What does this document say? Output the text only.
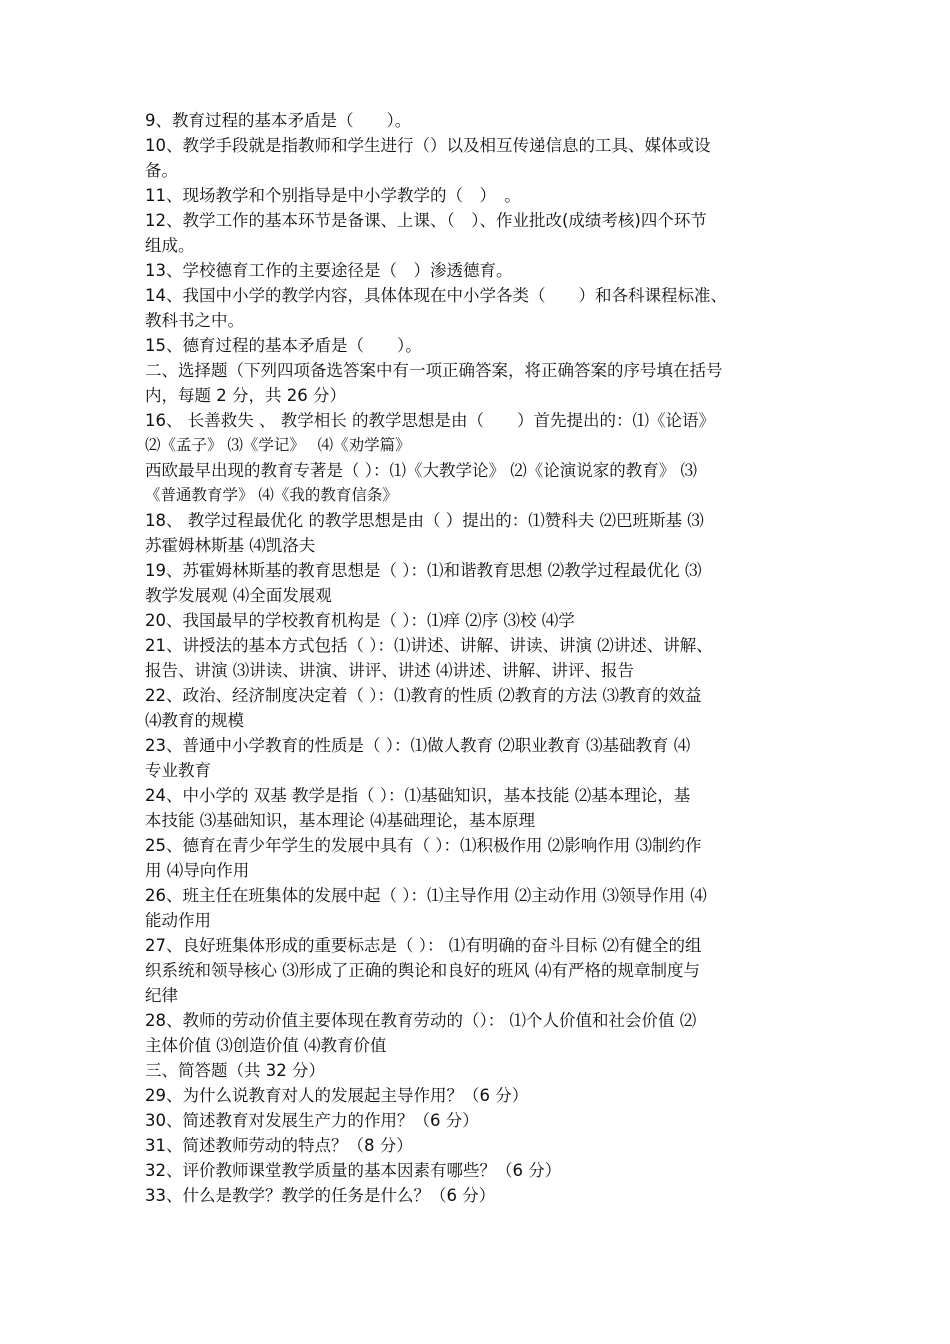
9、教育过程的基本矛盾是（　　）。
10、教学手段就是指教师和学生进行（）以及相互传递信息的工具、媒体或设
备。
11、现场教学和个别指导是中小学教学的（　）　。
12、教学工作的基本环节是备课、上课、（　）、作业批改(成绩考核)四个环节
组成。
13、学校德育工作的主要途径是（　）渗透德育。
14、我国中小学的教学内容，具体体现在中小学各类（　　）和各科课程标准、
教科书之中。
15、德育过程的基本矛盾是（　　）。
二、选择题（下列四项备选答案中有一项正确答案，将正确答案的序号填在括号
内，每题 2 分，共 26 分）
16、 长善救失 、 教学相长 的教学思想是由（　　）首先提出的：⑴《论语》
⑵《孟子》 ⑶《学记》　 ⑷《劝学篇》
西欧最早出现的教育专著是（ ）：⑴《大教学论》 ⑵《论演说家的教育》 ⑶
《普通教育学》 ⑷《我的教育信条》
18、 教学过程最优化 的教学思想是由（ ）提出的：⑴赞科夫 ⑵巴班斯基 ⑶
苏霍姆林斯基 ⑷凯洛夫
19、苏霍姆林斯基的教育思想是（ ）：⑴和谐教育思想 ⑵教学过程最优化 ⑶
教学发展观 ⑷全面发展观
20、我国最早的学校教育机构是（ ）：⑴痒 ⑵序 ⑶校 ⑷学
21、讲授法的基本方式包括（ ）：⑴讲述、讲解、讲读、讲演 ⑵讲述、讲解、
报告、讲演 ⑶讲读、讲演、讲评、讲述 ⑷讲述、讲解、讲评、报告
22、政治、经济制度决定着（ ）：⑴教育的性质 ⑵教育的方法 ⑶教育的效益
⑷教育的规模
23、普通中小学教育的性质是（ ）：⑴做人教育 ⑵职业教育 ⑶基础教育 ⑷
专业教育
24、中小学的 双基 教学是指（ ）：⑴基础知识，基本技能 ⑵基本理论，基
本技能 ⑶基础知识，基本理论 ⑷基础理论，基本原理
25、德育在青少年学生的发展中具有（ ）：⑴积极作用 ⑵影响作用 ⑶制约作
用 ⑷导向作用
26、班主任在班集体的发展中起（ ）：⑴主导作用 ⑵主动作用 ⑶领导作用 ⑷
能动作用
27、良好班集体形成的重要标志是（ ）： ⑴有明确的奋斗目标 ⑵有健全的组
织系统和领导核心 ⑶形成了正确的舆论和良好的班风 ⑷有严格的规章制度与
纪律
28、教师的劳动价值主要体现在教育劳动的（）： ⑴个人价值和社会价值 ⑵
主体价值 ⑶创造价值 ⑷教育价值
三、简答题（共 32 分）
29、为什么说教育对人的发展起主导作用？（6 分）
30、简述教育对发展生产力的作用？（6 分）
31、简述教师劳动的特点？（8 分）
32、评价教师课堂教学质量的基本因素有哪些？（6 分）
33、什么是教学？教学的任务是什么？（6 分）
